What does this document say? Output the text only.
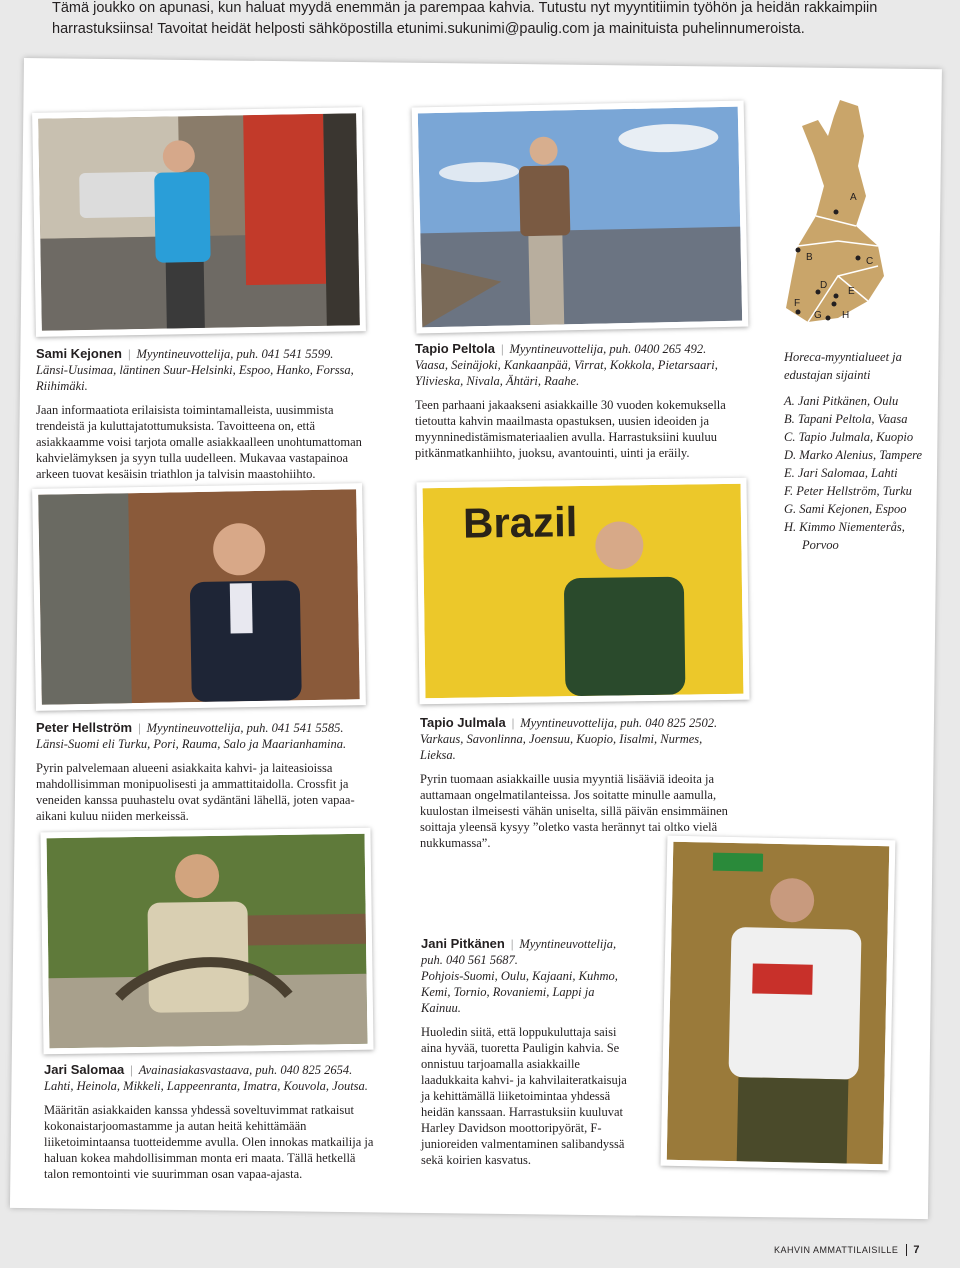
Tämä joukko on apunasi, kun haluat myydä enemmän ja parempaa kahvia. Tutustu nyt myyntitiimin työhön ja heidän rakkaimpiin harrastuksiinsa! Tavoitat heidät helposti sähköpostilla etunimi.sukunimi@paulig.com ja mainituista puhelinnumeroista.
A
B	C
D
E
F
G H
Sami Kejonen | Myyntineuvottelija, puh. 041 541 5599.
Länsi-Uusimaa, läntinen Suur-Helsinki, Espoo, Hanko, Forssa, Riihimäki.
Jaan informaatiota erilaisista toimintamalleista, uusimmista trendeistä ja kuluttajatottumuksista. Tavoitteena on, että asiakkaamme voisi tarjota omalle asiakkaalleen unohtumattoman kahvielämyksen ja syyn tulla uudelleen. Mukavaa vastapainoa arkeen tuovat kesäisin triathlon ja talvisin maastohiihto.
Tapio Peltola | Myyntineuvottelija, puh. 0400 265 492.
Vaasa, Seinäjoki, Kankaanpää, Virrat, Kokkola, Pietarsaari, Ylivieska, Nivala, Ähtäri, Raahe.
Teen parhaani jakaakseni asiakkaille 30 vuoden kokemuksella tietoutta kahvin maailmasta opastuksen, uusien ideoiden ja myynninedistämismateriaalien avulla. Harrastuksiini kuuluu pitkänmatkanhiihto, juoksu, avantouinti, uinti ja eräily.
Horeca-myyntialueet ja edustajan sijainti
A. Jani Pitkänen, Oulu
B. Tapani Peltola, Vaasa
C. Tapio Julmala, Kuopio
D. Marko Alenius, Tampere
E. Jari Salomaa, Lahti
F. Peter Hellström, Turku
G. Sami Kejonen, Espoo
H. Kimmo Niementerås, Porvoo
Brazil
Peter Hellström | Myyntineuvottelija, puh. 041 541 5585.
Länsi-Suomi eli Turku, Pori, Rauma, Salo ja Maarianhamina.
Pyrin palvelemaan alueeni asiakkaita kahvi- ja laiteasioissa mahdollisimman monipuolisesti ja ammattitaidolla. Crossfit ja veneiden kanssa puuhastelu ovat sydäntäni lähellä, joten vapaa-aikani kuluu niiden merkeissä.
Tapio Julmala | Myyntineuvottelija, puh. 040 825 2502.
Varkaus, Savonlinna, Joensuu, Kuopio, Iisalmi, Nurmes, Lieksa.
Pyrin tuomaan asiakkaille uusia myyntiä lisääviä ideoita ja auttamaan ongelmatilanteissa. Jos soitatte minulle aamulla, kuulostan ilmeisesti vähän uniselta, sillä päivän ensimmäinen soittaja yleensä kysyy ”oletko vasta herännyt tai oltko vielä nukkumassa”.
Jari Salomaa | Avainasiakasvastaava, puh. 040 825 2654.
Lahti, Heinola, Mikkeli, Lappeenranta, Imatra, Kouvola, Joutsa.
Määritän asiakkaiden kanssa yhdessä soveltuvimmat ratkaisut kokonaistarjoomastamme ja autan heitä kehittämään liiketoimintaansa tuotteidemme avulla. Olen innokas matkailija ja haluan kokea mahdollisimman monta eri maata. Tällä hetkellä talon remontointi vie suurimman osan vapaa-ajasta.
Jani Pitkänen | Myyntineuvottelija, puh. 040 561 5687.
Pohjois-Suomi, Oulu, Kajaani, Kuhmo, Kemi, Tornio, Rovaniemi, Lappi ja Kainuu.
Huoledin siitä, että loppukuluttaja saisi aina hyvää, tuoretta Pauligin kahvia. Se onnistuu tarjoamalla asiakkaille laadukkaita kahvi- ja kahvilaiteratkaisuja ja kehittämällä liiketoimintaa yhdessä heidän kanssaan. Harrastuksiin kuuluvat Harley Davidson moottoripyörät, F-junioreiden valmentaminen salibandyssä sekä koirien kasvatus.
KAHVIN AMMATTILAISILLE	7
